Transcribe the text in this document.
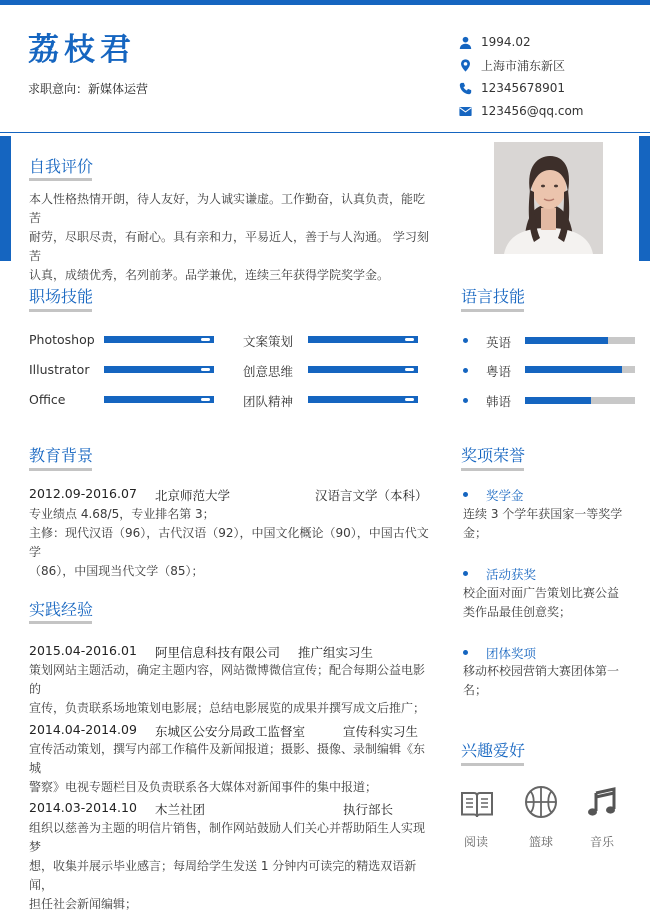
荔枝君
求职意向：新媒体运营
1994.02
上海市浦东新区
12345678901
123456@qq.com
自我评价
本人性格热情开朗，待人友好，为人诚实谦虚。工作勤奋，认真负责，能吃苦
耐劳，尽职尽责，有耐心。具有亲和力，平易近人，善于与人沟通。 学习刻苦
认真，成绩优秀，名列前茅。品学兼优，连续三年获得学院奖学金。
职场技能
Photoshop	文案策划
Illustrator	创意思维
Office	团队精神
语言技能
英语
粤语
韩语
教育背景
2012.09-2016.07 北京师范大学	汉语言文学（本科）
专业绩点 4.68/5，专业排名第 3；
主修：现代汉语（96），古代汉语（92），中国文化概论（90），中国古代文学
（86），中国现当代文学（85）；
实践经验
2015.04-2016.01 阿里信息科技有限公司 推广组实习生
策划网站主题活动，确定主题内容，网站微博微信宣传；配合每期公益电影的
宣传，负责联系场地策划电影展；总结电影展览的成果并撰写成文后推广；
2014.04-2014.09 东城区公安分局政工监督室	宣传科实习生
宣传活动策划，撰写内部工作稿件及新闻报道；摄影、摄像、录制编辑《东城
警察》电视专题栏目及负责联系各大媒体对新闻事件的集中报道；
2014.03-2014.10 木兰社团	执行部长
组织以慈善为主题的明信片销售，制作网站鼓励人们关心并帮助陌生人实现梦
想，收集并展示毕业感言；每周给学生发送 1 分钟内可读完的精选双语新闻，
担任社会新闻编辑；
奖项荣誉
奖学金
连续 3 个学年获国家一等奖学
金；
活动获奖
校企面对面广告策划比赛公益
类作品最佳创意奖；
团体奖项
移动杯校园营销大赛团体第一
名；
兴趣爱好
阅读	篮球	音乐
